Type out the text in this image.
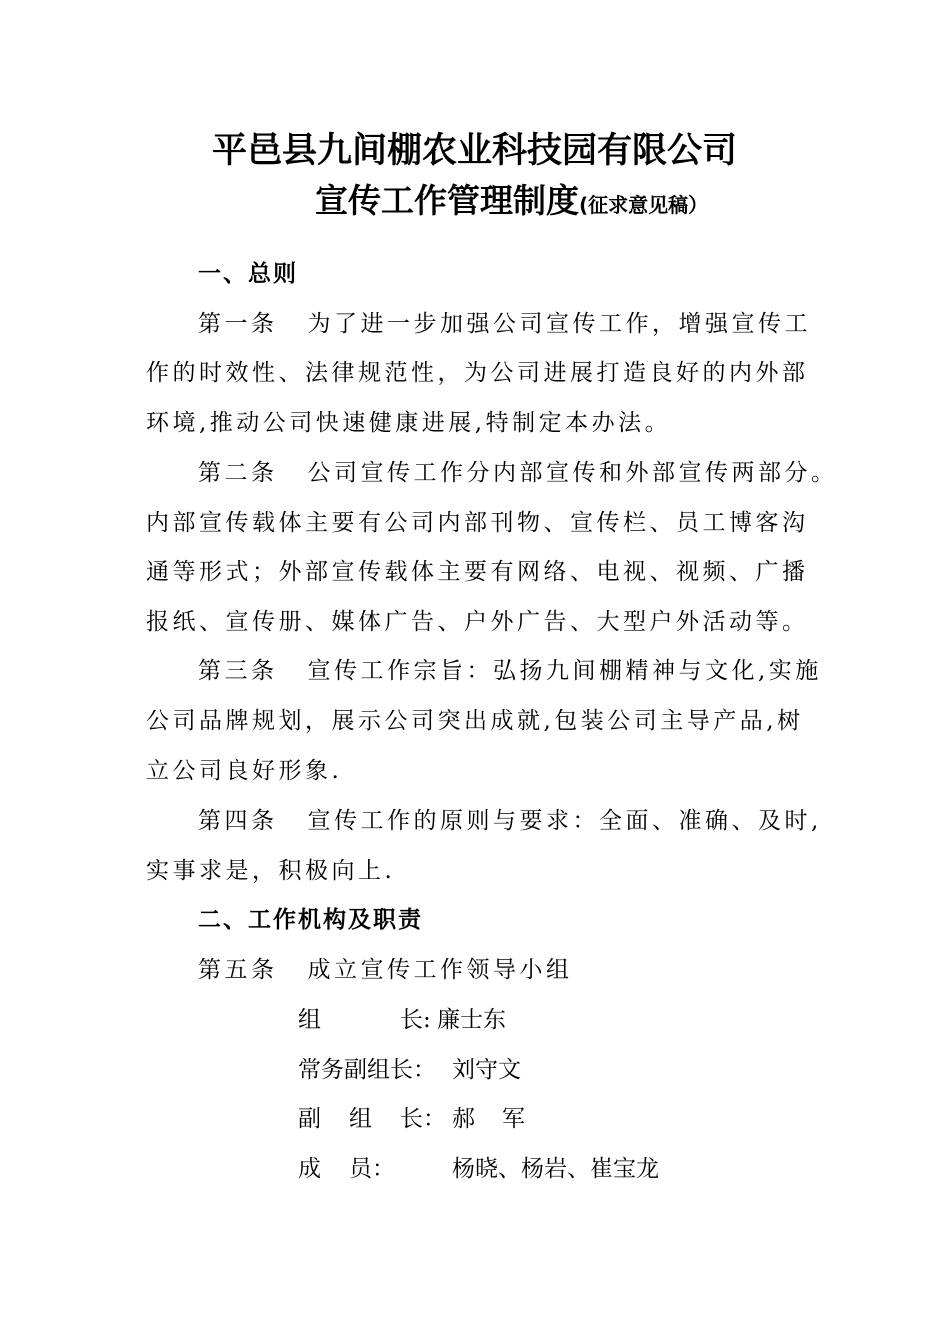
平邑县九间棚农业科技园有限公司
宣传工作管理制度(征求意见稿）
一、总则
第一条 为了进一步加强公司宣传工作，增强宣传工
作的时效性、法律规范性，为公司进展打造良好的内外部
环境,推动公司快速健康进展,特制定本办法。
第二条 公司宣传工作分内部宣传和外部宣传两部分。
内部宣传载体主要有公司内部刊物、宣传栏、员工博客沟
通等形式；外部宣传载体主要有网络、电视、视频、广播
报纸、宣传册、媒体广告、户外广告、大型户外活动等。
第三条 宣传工作宗旨：弘扬九间棚精神与文化,实施
公司品牌规划，展示公司突出成就,包装公司主导产品,树
立公司良好形象.
第四条 宣传工作的原则与要求：全面、准确、及时,
实事求是，积极向上.
二、工作机构及职责
第五条 成立宣传工作领导小组
组	长: 廉士东
常务副组长： 刘守文
副 组 长： 郝 军
成 员： 杨晓、杨岩、崔宝龙
